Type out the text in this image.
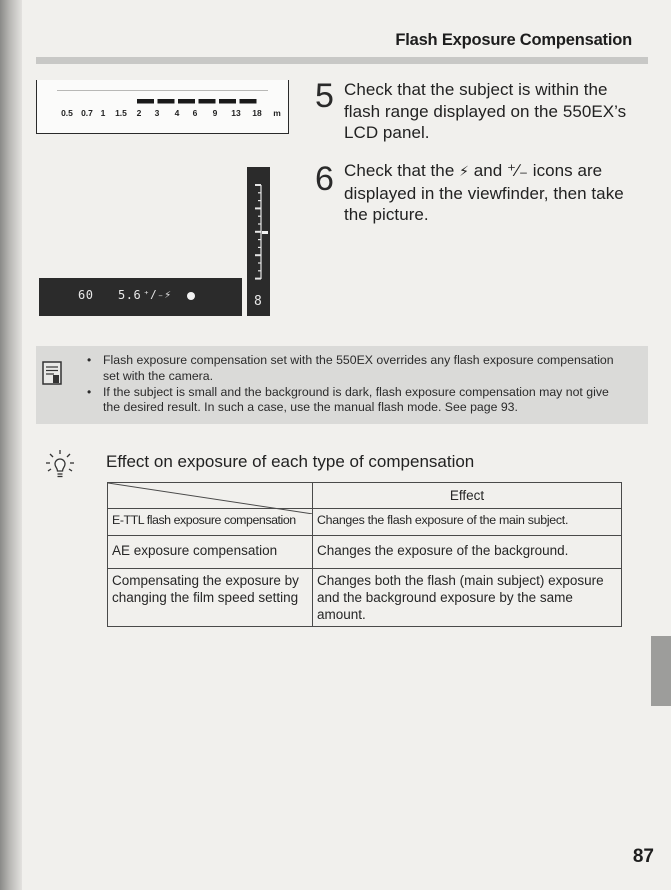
Flash Exposure Compensation
0.5 0.7 1 1.5 2 3 4 6 9 13 18 m
60 5.6 ⁺∕₋⚡	8
5 Check that the subject is within the flash range displayed on the 550EX’s LCD panel.
6 Check that the ⚡ and ⁺∕₋ icons are displayed in the viewfinder, then take the picture.
• Flash exposure compensation set with the 550EX overrides any flash exposure compensation set with the camera.
• If the subject is small and the background is dark, flash exposure compensation may not give the desired result. In such a case, use the manual flash mode. See page 93.
Effect on exposure of each type of compensation
	Effect
E-TTL flash exposure compensation	Changes the flash exposure of the main subject.
AE exposure compensation	Changes the exposure of the background.
Compensating the exposure by changing the film speed setting	Changes both the flash (main subject) exposure and the background exposure by the same amount.
87
